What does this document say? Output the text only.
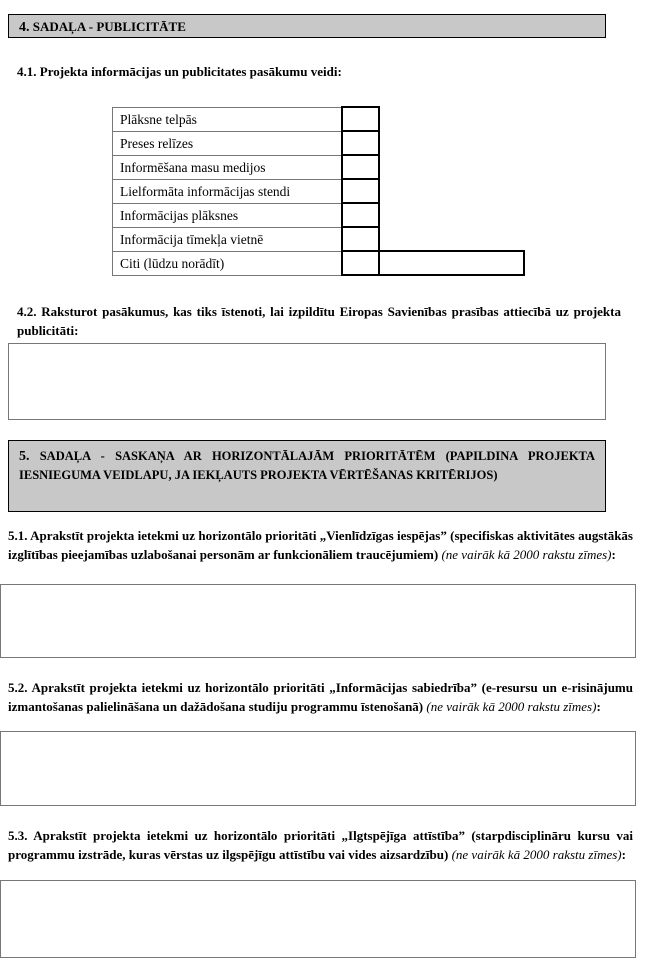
4. SADAĻA - PUBLICITĀTE

4.1. Projekta informācijas un publicitates pasākumu veidi:

Plāksne telpās		
Preses relīzes		
Informēšana masu medijos		
Lielformāta informācijas stendi		
Informācijas plāksnes		
Informācija tīmekļa vietnē		
Citi (lūdzu norādīt)		

4.2. Raksturot pasākumus, kas tiks īstenoti, lai izpildītu Eiropas Savienības prasības attiecībā uz projekta publicitāti:

5. SADAĻA - SASKAŅA AR HORIZONTĀLAJĀM PRIORITĀTĒM (PAPILDINA PROJEKTA IESNIEGUMA VEIDLAPU, JA IEKĻAUTS PROJEKTA VĒRTĒŠANAS KRITĒRIJOS)

5.1. Aprakstīt projekta ietekmi uz horizontālo prioritāti „Vienlīdzīgas iespējas” (specifiskas aktivitātes augstākās izglītības pieejamības uzlabošanai personām ar funkcionāliem traucējumiem) (ne vairāk kā 2000 rakstu zīmes):

5.2. Aprakstīt projekta ietekmi uz horizontālo prioritāti „Informācijas sabiedrība” (e-resursu un e-risinājumu izmantošanas palielināšana un dažādošana studiju programmu īstenošanā) (ne vairāk kā 2000 rakstu zīmes):

5.3. Aprakstīt projekta ietekmi uz horizontālo prioritāti „Ilgtspējīga attīstība” (starpdisciplināru kursu vai programmu izstrāde, kuras vērstas uz ilgspējīgu attīstību vai vides aizsardzību) (ne vairāk kā 2000 rakstu zīmes):
